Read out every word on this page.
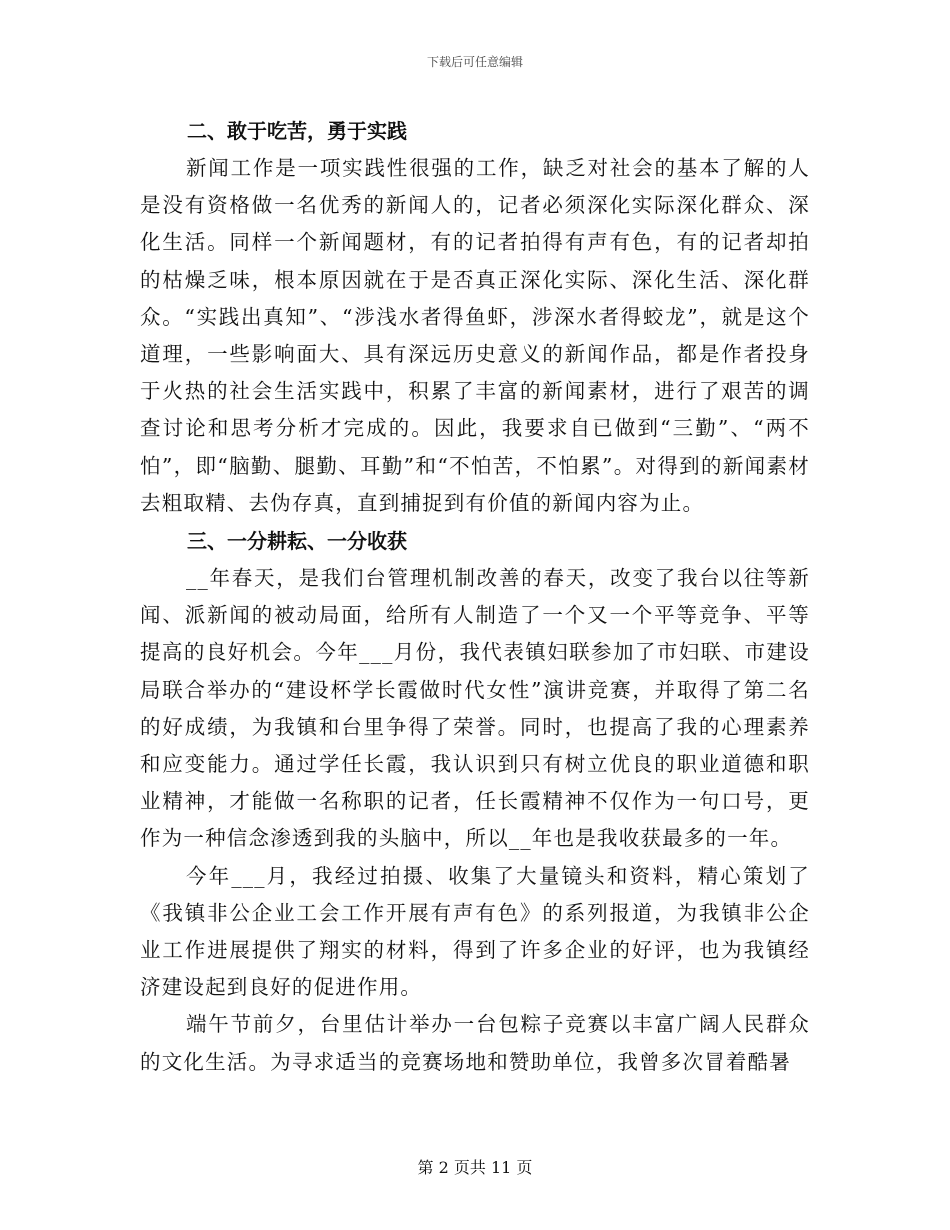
下载后可任意编辑
二、敢于吃苦，勇于实践

新闻工作是一项实践性很强的工作，缺乏对社会的基本了解的人是没有资格做一名优秀的新闻人的，记者必须深化实际深化群众、深化生活。同样一个新闻题材，有的记者拍得有声有色，有的记者却拍的枯燥乏味，根本原因就在于是否真正深化实际、深化生活、深化群众。“实践出真知”、“涉浅水者得鱼虾，涉深水者得蛟龙”，就是这个道理，一些影响面大、具有深远历史意义的新闻作品，都是作者投身于火热的社会生活实践中，积累了丰富的新闻素材，进行了艰苦的调查讨论和思考分析才完成的。因此，我要求自已做到“三勤”、“两不怕”，即“脑勤、腿勤、耳勤”和“不怕苦，不怕累”。对得到的新闻素材去粗取精、去伪存真，直到捕捉到有价值的新闻内容为止。

三、一分耕耘、一分收获

__年春天，是我们台管理机制改善的春天，改变了我台以往等新闻、派新闻的被动局面，给所有人制造了一个又一个平等竞争、平等提高的良好机会。今年___月份，我代表镇妇联参加了市妇联、市建设局联合举办的“建设杯学长霞做时代女性”演讲竞赛，并取得了第二名的好成绩，为我镇和台里争得了荣誉。同时，也提高了我的心理素养和应变能力。通过学任长霞，我认识到只有树立优良的职业道德和职业精神，才能做一名称职的记者，任长霞精神不仅作为一句口号，更作为一种信念渗透到我的头脑中，所以__年也是我收获最多的一年。

今年___月，我经过拍摄、收集了大量镜头和资料，精心策划了《我镇非公企业工会工作开展有声有色》的系列报道，为我镇非公企业工作进展提供了翔实的材料，得到了许多企业的好评，也为我镇经济建设起到良好的促进作用。

端午节前夕，台里估计举办一台包粽子竞赛以丰富广阔人民群众的文化生活。为寻求适当的竞赛场地和赞助单位，我曾多次冒着酷暑

第 2 页共 11 页
